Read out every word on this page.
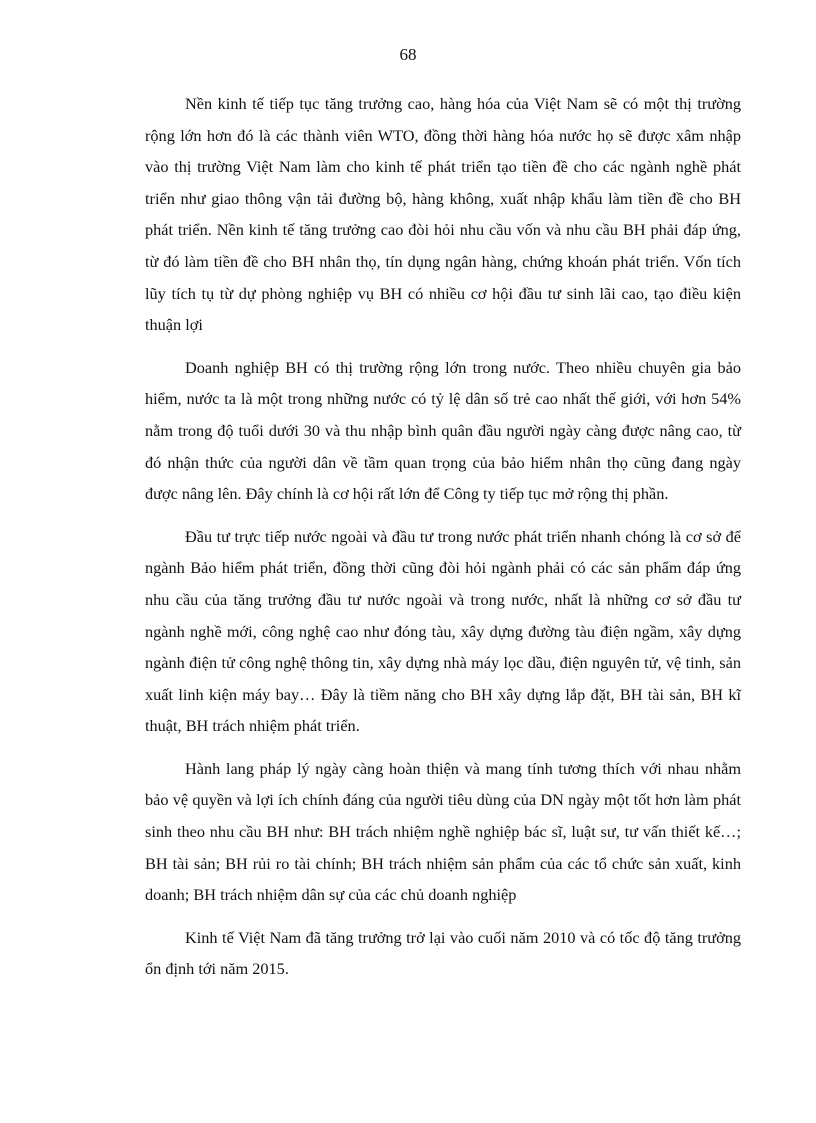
68

Nền kinh tế tiếp tục tăng trưởng cao, hàng hóa của Việt Nam sẽ có một thị trường rộng lớn hơn đó là các thành viên WTO, đồng thời hàng hóa nước họ sẽ được xâm nhập vào thị trường Việt Nam làm cho kinh tế phát triển tạo tiền đề cho các ngành nghề phát triển như giao thông vận tải đường bộ, hàng không, xuất nhập khẩu làm tiền đề cho BH phát triển. Nền kinh tế tăng trưởng cao đòi hỏi nhu cầu vốn và nhu cầu BH phải đáp ứng, từ đó làm tiền đề cho BH nhân thọ, tín dụng ngân hàng, chứng khoán phát triển. Vốn tích lũy tích tụ từ dự phòng nghiệp vụ BH có nhiều cơ hội đầu tư sinh lãi cao, tạo điều kiện thuận lợi

Doanh nghiệp BH có thị trường rộng lớn trong nước. Theo nhiều chuyên gia bảo hiểm, nước ta là một trong những nước có tỷ lệ dân số trẻ cao nhất thế giới, với hơn 54% nằm trong độ tuổi dưới 30 và thu nhập bình quân đầu người ngày càng được nâng cao, từ đó nhận thức của người dân về tầm quan trọng của bảo hiểm nhân thọ cũng đang ngày được nâng lên. Đây chính là cơ hội rất lớn để Công ty tiếp tục mở rộng thị phần.

Đầu tư trực tiếp nước ngoài và đầu tư trong nước phát triển nhanh chóng là cơ sở để ngành Bảo hiểm phát triển, đồng thời cũng đòi hỏi ngành phải có các sản phẩm đáp ứng nhu cầu của tăng trưởng đầu tư nước ngoài và trong nước, nhất là những cơ sở đầu tư ngành nghề mới, công nghệ cao như đóng tàu, xây dựng đường tàu điện ngầm, xây dựng ngành điện tử công nghệ thông tin, xây dựng nhà máy lọc dầu, điện nguyên tử, vệ tinh, sản xuất linh kiện máy bay… Đây là tiềm năng cho BH xây dựng lắp đặt, BH tài sản, BH kĩ thuật, BH trách nhiệm phát triển.

Hành lang pháp lý ngày càng hoàn thiện và mang tính tương thích với nhau nhằm bảo vệ quyền và lợi ích chính đáng của người tiêu dùng của DN ngày một tốt hơn làm phát sinh theo nhu cầu BH như: BH trách nhiệm nghề nghiệp bác sĩ, luật sư, tư vấn thiết kế…; BH tài sản; BH rủi ro tài chính; BH trách nhiệm sản phẩm của các tổ chức sản xuất, kinh doanh; BH trách nhiệm dân sự của các chủ doanh nghiệp

Kinh tế Việt Nam đã tăng trưởng trở lại vào cuối năm 2010 và có tốc độ tăng trưởng ổn định tới năm 2015.
